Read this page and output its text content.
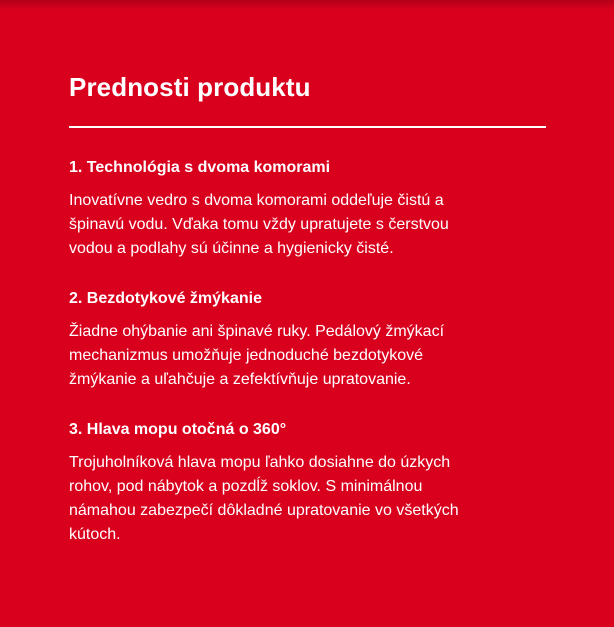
Prednosti produktu
1. Technológia s dvoma komorami

Inovatívne vedro s dvoma komorami oddeľuje čistú a
špinavú vodu. Vďaka tomu vždy upratujete s čerstvou
vodou a podlahy sú účinne a hygienicky čisté.

2. Bezdotykové žmýkanie

Žiadne ohýbanie ani špinavé ruky. Pedálový žmýkací
mechanizmus umožňuje jednoduché bezdotykové
žmýkanie a uľahčuje a zefektívňuje upratovanie.

3. Hlava mopu otočná o 360°

Trojuholníková hlava mopu ľahko dosiahne do úzkych
rohov, pod nábytok a pozdĺž soklov. S minimálnou
námahou zabezpečí dôkladné upratovanie vo všetkých
kútoch.
